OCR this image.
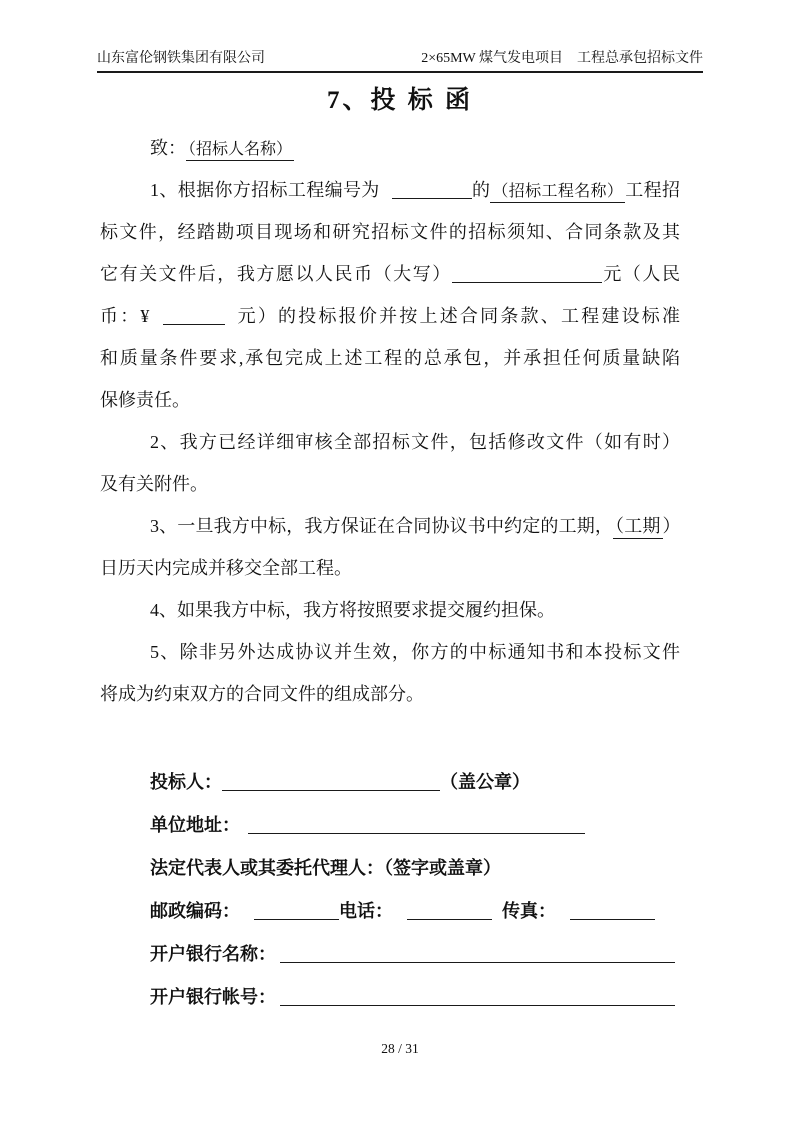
山东富伦钢铁集团有限公司	2×65MW 煤气发电项目　工程总承包招标文件
7、投 标 函
致： （招标人名称）
1、根据你方招标工程编号为	的 （招标工程名称） 工程招
标文件，经踏勘项目现场和研究招标文件的招标须知、合同条款及其
它有关文件后，我方愿以人民币（大写）	元（人民
币：¥	元）的投标报价并按上述合同条款、工程建设标准
和质量条件要求,承包完成上述工程的总承包，并承担任何质量缺陷
保修责任。
2、我方已经详细审核全部招标文件，包括修改文件（如有时）
及有关附件。
3、一旦我方中标，我方保证在合同协议书中约定的工期， （工期 ）
日历天内完成并移交全部工程。
4、如果我方中标，我方将按照要求提交履约担保。
5、除非另外达成协议并生效，你方的中标通知书和本投标文件
将成为约束双方的合同文件的组成部分。
投标人：	（盖公章）
单位地址：
法定代表人或其委托代理人：（签字或盖章）
邮政编码：	电话：	传真：
开户银行名称：
开户银行帐号：
28 / 31
